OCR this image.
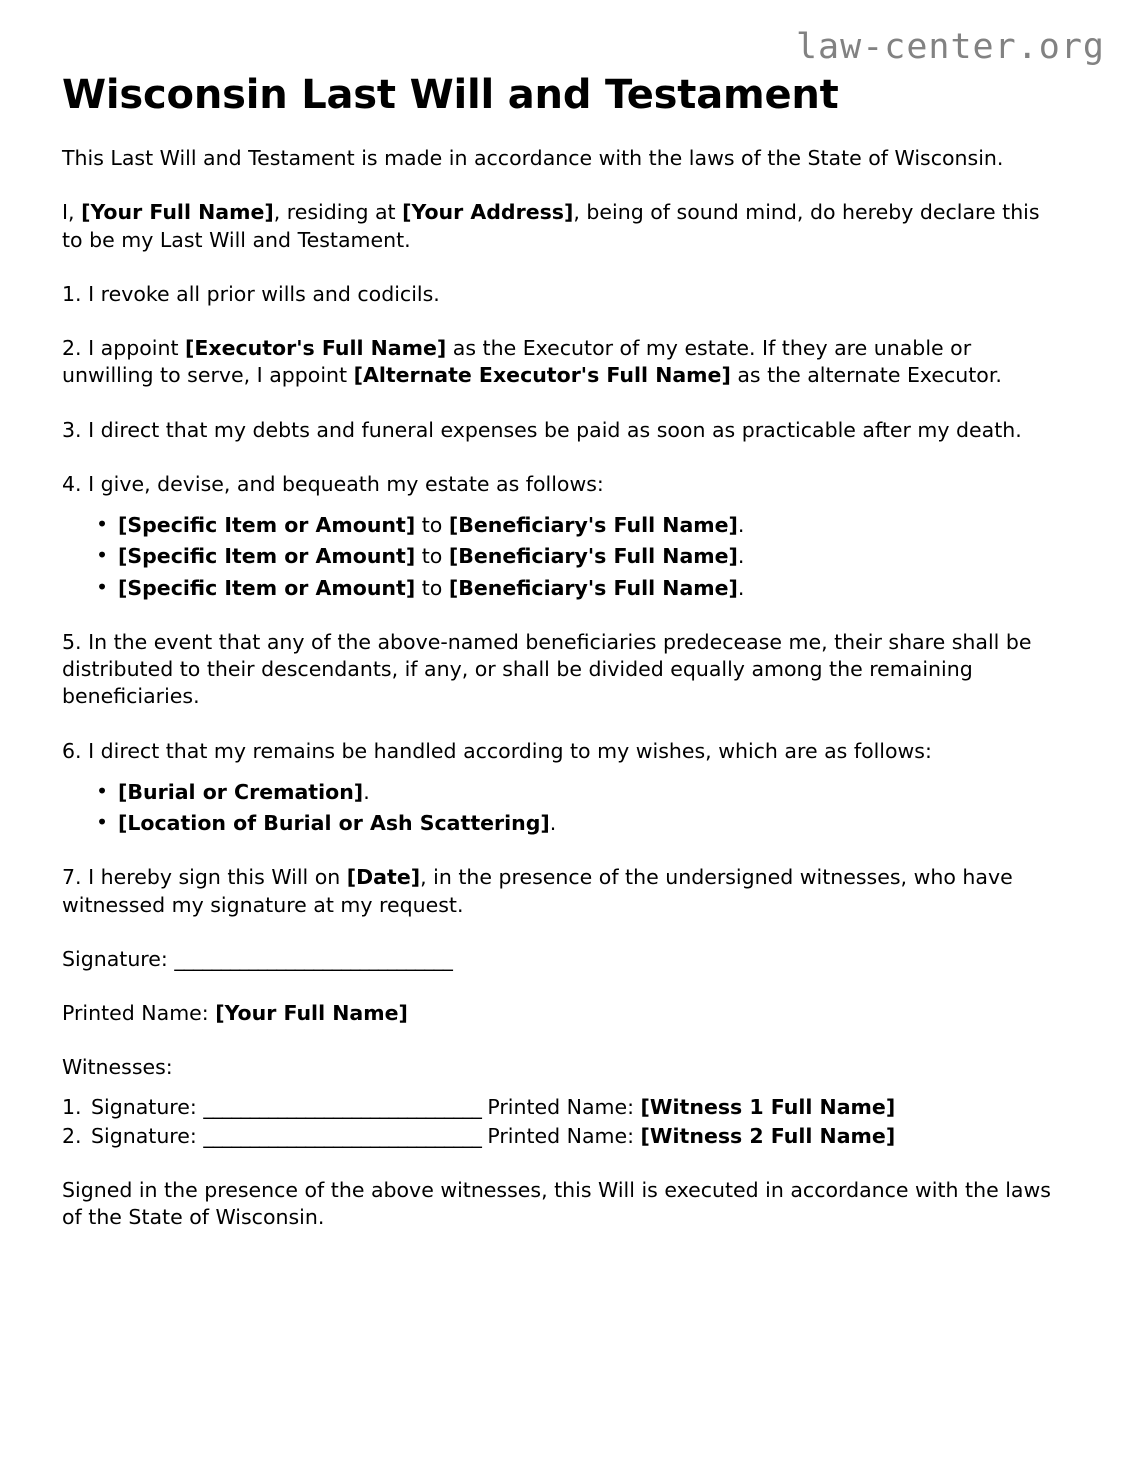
law-center.org
Wisconsin Last Will and Testament

This Last Will and Testament is made in accordance with the laws of the State of Wisconsin.

I, [Your Full Name], residing at [Your Address], being of sound mind, do hereby declare this to be my Last Will and Testament.

1. I revoke all prior wills and codicils.

2. I appoint [Executor's Full Name] as the Executor of my estate. If they are unable or unwilling to serve, I appoint [Alternate Executor's Full Name] as the alternate Executor.

3. I direct that my debts and funeral expenses be paid as soon as practicable after my death.

4. I give, devise, and bequeath my estate as follows:

• [Specific Item or Amount] to [Beneficiary's Full Name].
• [Specific Item or Amount] to [Beneficiary's Full Name].
• [Specific Item or Amount] to [Beneficiary's Full Name].

5. In the event that any of the above-named beneficiaries predecease me, their share shall be distributed to their descendants, if any, or shall be divided equally among the remaining beneficiaries.

6. I direct that my remains be handled according to my wishes, which are as follows:

• [Burial or Cremation].
• [Location of Burial or Ash Scattering].

7. I hereby sign this Will on [Date], in the presence of the undersigned witnesses, who have witnessed my signature at my request.

Signature: ______________________________

Printed Name: [Your Full Name]

Witnesses:

Signature: ______________________________ Printed Name: [Witness 1 Full Name]
Signature: ______________________________ Printed Name: [Witness 2 Full Name]

Signed in the presence of the above witnesses, this Will is executed in accordance with the laws of the State of Wisconsin.
